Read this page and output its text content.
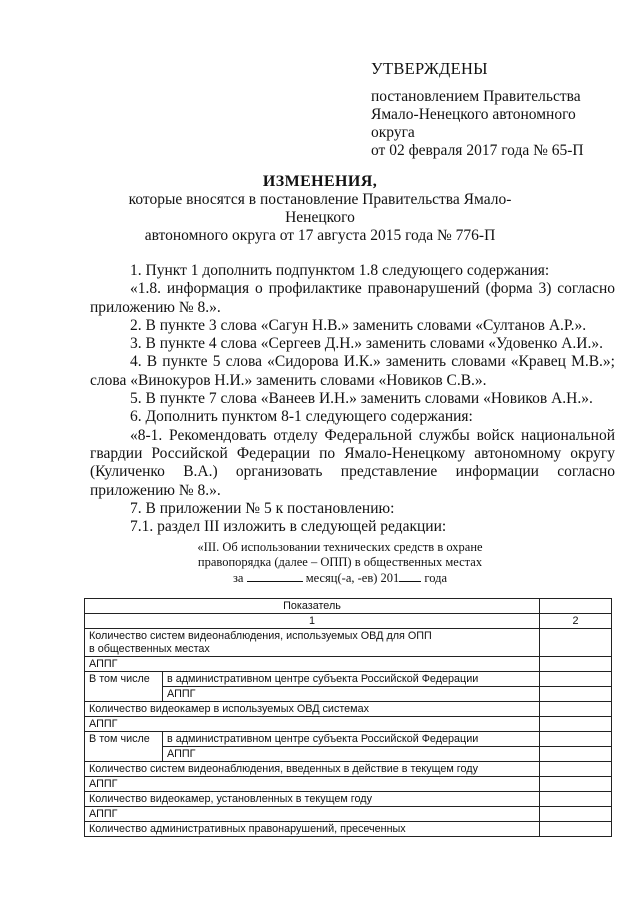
УТВЕРЖДЕНЫ
постановлением Правительства
Ямало-Ненецкого автономного округа
от 02 февраля 2017 года № 65-П
ИЗМЕНЕНИЯ,
которые вносятся в постановление Правительства Ямало-Ненецкого
автономного округа от 17 августа 2015 года № 776-П

1. Пункт 1 дополнить подпунктом 1.8 следующего содержания:

«1.8. информация о профилактике правонарушений (форма 3) согласно приложению № 8.».

2. В пункте 3 слова «Сагун Н.В.» заменить словами «Султанов А.Р.».

3. В пункте 4 слова «Сергеев Д.Н.» заменить словами «Удовенко А.И.».

4. В пункте 5 слова «Сидорова И.К.» заменить словами «Кравец М.В.»; слова «Винокуров Н.И.» заменить словами «Новиков С.В.».

5. В пункте 7 слова «Ванеев И.Н.» заменить словами «Новиков А.Н.».

6. Дополнить пунктом 8-1 следующего содержания:

«8-1. Рекомендовать отделу Федеральной службы войск национальной гвардии Российской Федерации по Ямало-Ненецкому автономному округу (Куличенко В.А.) организовать представление информации согласно приложению № 8.».

7. В приложении № 5 к постановлению:

7.1. раздел III изложить в следующей редакции:

«III. Об использовании технических средств в охране
правопорядка (далее – ОПП) в общественных местах
за	месяц(-а, -ев) 201 года
Показатель		
1		2

Количество систем видеонаблюдения, используемых ОВД для ОПП
в общественных местах		

АППГ		
В том числе	в административном центре субъекта Российской Федерации	
	АППГ	
Количество видеокамер в используемых ОВД системах		
АППГ		
В том числе	в административном центре субъекта Российской Федерации	
	АППГ	
Количество систем видеонаблюдения, введенных в действие в текущем году		
АППГ		
Количество видеокамер, установленных в текущем году		
АППГ		
Количество административных правонарушений, пресеченных		
